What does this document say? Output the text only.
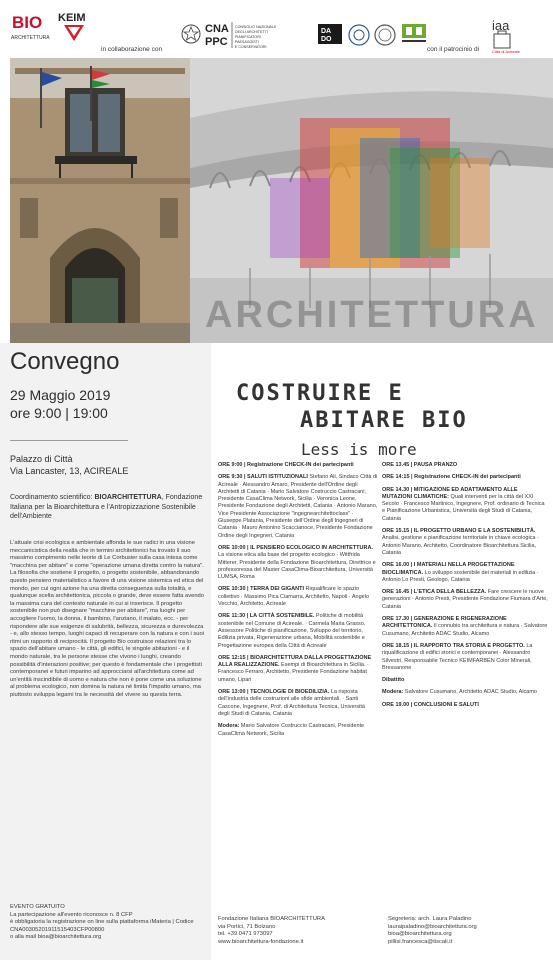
BIO
ARCHITETTURA
KEIM
in collaborazione con
CNA
PPC
CONSIGLIO NAZIONALE
DEGLI ARCHITETTI
PIANIFICATORI
PAESAGGISTI
E CONSERVATORI
DA
DO
con il patrocinio di
iaa
Città di Acireale
ARCHITETTURA
Convegno
29 Maggio 2019
ore 9:00 | 19:00
Palazzo di Città
Via Lancaster, 13, ACIREALE
Coordinamento scientifico: BIOARCHITETTURA, Fondazione Italiana per la Bioarchitettura e l'Antropizzazione Sostenibile dell'Ambiente
L'attuale crisi ecologica e ambientale affonda le sue radici in una visione meccanicistica della realtà che in termini architettonici ha trovato il suo massimo compimento nelle teorie di Le Corbusier sulla casa intesa come "macchina per abitare" e come "operazione umana diretta contro la natura". La filosofia che sostiene il progetto, o progetto sostenibile, abbandonando questo pensiero materialistico a favore di una visione sistemica ed etica del mondo, per cui ogni azione ha una diretta conseguenza sulla totalità, e qualunque scelta architettonica, piccola o grande, deve essere fatta avendo la massima cura del contesto naturale in cui si inserisce. Il progetto sostenibile non può disegnare "macchine per abitare", ma luoghi per accogliere l'uomo, la donna, il bambino, l'anziano, il malato, ecc. - per rispondere alle sue esigenze di salubrità, bellezza, sicurezza e durevolezza - e, allo stesso tempo, luoghi capaci di recuperare con la natura e con i suoi ritmi un rapporto di reciprocità. Il progetto Bio costruisce relazioni tra lo spazio dell'abitare umano - le città, gli edifici, le singole abitazioni - e il mondo naturale, tra le persone stesse che vivono i luoghi, creando possibilità d'interazioni positive; per questo è fondamentale che i progettisti contemporanei e futuri imparino ad approcciarsi all'architettura come ad un'entità inscindibile di uomo e natura che non è pone come una soluzione al problema ecologico, non domina la natura né limita l'impatto umano, ma piuttosto sviluppa legami tra le necessità del vivere su questa terra.
EVENTO GRATUITO
La partecipazione all'evento riconosce n. 8 CFP
è obbligatoria la registrazione on line sulla piattaforma iMateria | Codice CNA00305201911515403CFP00800
o alla mail bioa@bioarchitettura.org
COSTRUIRE E
ABITARE BIO
Less is more

ORE 9:00 | Registrazione CHECK-IN dei partecipanti

ORE 9:30 | SALUTI ISTITUZIONALI Stefano Ali, Sindaco Città di Acireale · Alessandro Amaro, Presidente dell'Ordine degli Architetti di Catania · Mario Salvatore Costruccio Castracani, Presidente CasaClima Network, Sicilia · Veronica Leone, Presidente Fondazione degli Architetti, Catania · Antonio Marano, Vice Presidente Associazione "ingegnearchitettoclass" · Giuseppe Platania, Presidente dell'Ordine degli Ingegneri di Catania · Mauro Antonino Scaccianoce, Presidente Fondazione Ordine degli Ingegneri, Catania

ORE 10:00 | IL PENSIERO ECOLOGICO IN ARCHITETTURA. La visione etica alla base del progetto ecologico · Wittfrida Mitterer, Presidente della Fondazione Bioarchitettura, Direttrice e professoressa del Master CasaClima-Bioarchitettura, Università LUMSA, Roma

ORE 10:30 | TERRA DEI GIGANTI Riqualificare lo spazio collettivo · Massimo Pica Ciamarra, Architetto, Napoli · Angelo Vecchio, Architetto, Acireale

ORE 11:30 | LA CITTÀ SOSTENIBILE. Politiche di mobilità sostenibile nel Comune di Acireale. · Carmela Maria Grasso, Assessore Politiche di pianificazione, Sviluppo del territorio, Edilizia privata, Rigenerazione urbana, Mobilità sostenibile e Progettazione europea della Città di Acireale

ORE 12:15 | BIOARCHITETTURA DALLA PROGETTAZIONE ALLA REALIZZAZIONE. Esempi di Bioarchitettura in Sicilia. · Francesco Ferraro, Architetto, Presidente Fondazione habitat umano, Lipari

ORE 13:00 | TECNOLOGIE DI BIOEDILIZIA. La risposta dell'industria delle costruzioni alle sfide ambientali. · Santi Cascone, Ingegnere, Prof. di Architettura Tecnica, Università degli Studi di Catania, Catania

Modera: Mario Salvatore Costruccio Castracani, Presidente CasaClima Network, Sicilia

ORE 13.45 | PAUSA PRANZO

ORE 14:15 | Registrazione CHECK-IN dei partecipanti

ORE 14.30 | MITIGAZIONE ED ADATTAMENTO ALLE MUTAZIONI CLIMATICHE: Quali interventi per la città del XXI Secolo · Francesco Martinico, Ingegnere, Prof. ordinario di Tecnica e Pianificazione Urbanistica, Università degli Studi di Catania, Catania

ORE 15.15 | IL PROGETTO URBANO E LA SOSTENIBILITÀ. Analisi, gestione e pianificazione territoriale in chiave ecologica · Antonio Marano, Architetto, Coordinatore Bioarchitettura Sicilia, Catania

ORE 16.00 | I MATERIALI NELLA PROGETTAZIONE BIOCLIMATICA. Lo sviluppo sostenibile dei materiali in edilizia · Antonio Lo Presti, Geologo, Catania

ORE 16.45 | L'ETICA DELLA BELLEZZA. Fare crescere le nuove generazioni · Antonio Presti, Presidente Fondazione Fiumara d'Arte, Catania

ORE 17.30 | GENERAZIONE E RIGENERAZIONE ARCHITETTONICA. Il connubio tra architettura e natura · Salvatore Cusumano, Architetto ADAC Studio, Alcamo

ORE 18.15 | IL RAPPORTO TRA STORIA E PROGETTO. La riqualificazione di edifici storici e contemporanei · Alessandro Silvestri, Responsabile Tecnico KEIMFARBEN Color Minerali, Bressanone

Dibattito

Modera: Salvatore Cusumano, Architetto ADAC Studio, Alcamo

ORE 19.00 | CONCLUSIONI E SALUTI

Fondazione Italiana BIOARCHITETTURA
via Portici, 71 Bolzano
tel. +39 0471 973097
www.bioarchitettura-fondazione.it
Segreteria: arch. Laura Paladino
lauraipaladino@bioarchitettura.org
bioa@bioarchitettura.org
pillisi.francesca@tiscali.it
